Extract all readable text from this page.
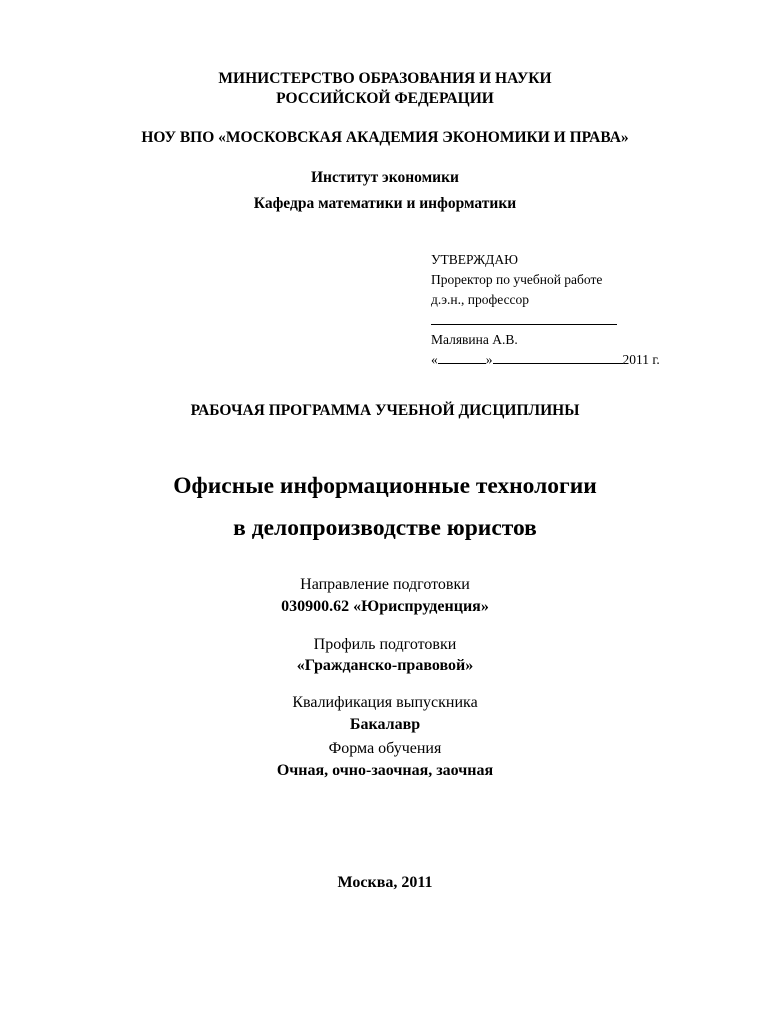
МИНИСТЕРСТВО ОБРАЗОВАНИЯ И НАУКИ
РОССИЙСКОЙ ФЕДЕРАЦИИ
НОУ ВПО «МОСКОВСКАЯ АКАДЕМИЯ ЭКОНОМИКИ И ПРАВА»
Институт экономики
Кафедра математики и информатики
УТВЕРЖДАЮ
Проректор по учебной работе
д.э.н., профессор
Малявина А.В.
«	»	2011 г.
РАБОЧАЯ ПРОГРАММА УЧЕБНОЙ ДИСЦИПЛИНЫ
Офисные информационные технологии
в делопроизводстве юристов
Направление подготовки
030900.62 «Юриспруденция»
Профиль подготовки
«Гражданско-правовой»
Квалификация выпускника
Бакалавр
Форма обучения
Очная, очно-заочная, заочная
Москва, 2011
